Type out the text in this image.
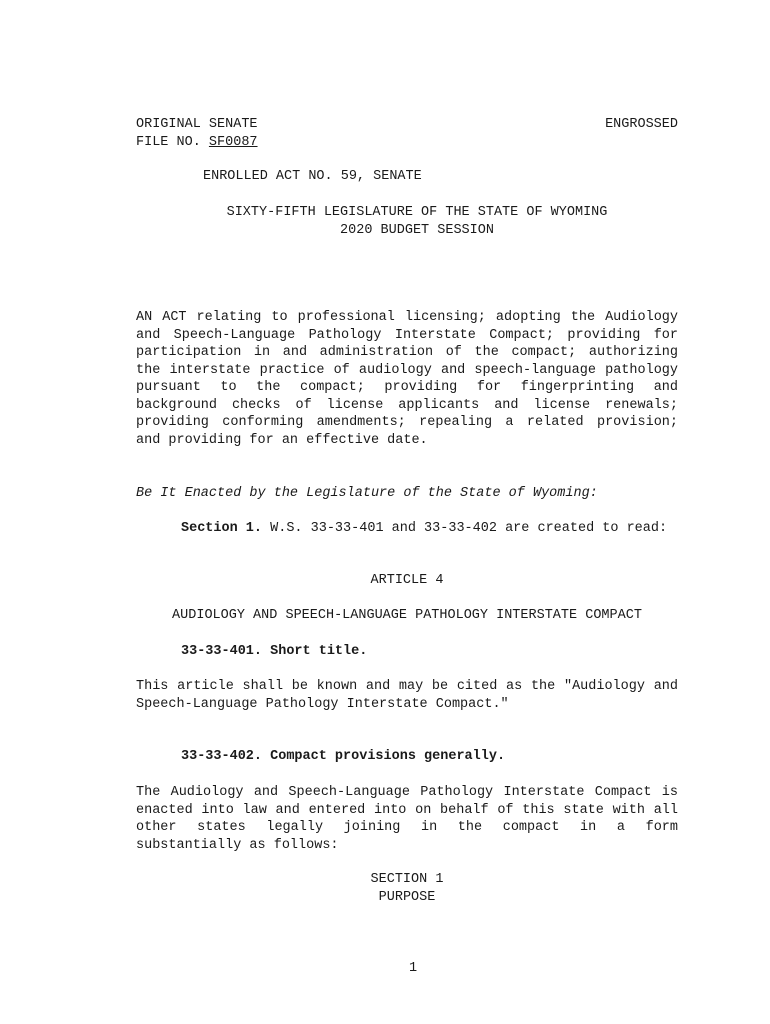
ORIGINAL SENATE
FILE NO. SF0087
ENGROSSED
ENROLLED ACT NO. 59, SENATE
SIXTY-FIFTH LEGISLATURE OF THE STATE OF WYOMING
2020 BUDGET SESSION
AN ACT relating to professional licensing; adopting the Audiology and Speech-Language Pathology Interstate Compact; providing for participation in and administration of the compact; authorizing the interstate practice of audiology and speech-language pathology pursuant to the compact; providing for fingerprinting and background checks of license applicants and license renewals; providing conforming amendments; repealing a related provision; and providing for an effective date.
Be It Enacted by the Legislature of the State of Wyoming:
Section 1. W.S. 33-33-401 and 33-33-402 are created to read:
ARTICLE 4
AUDIOLOGY AND SPEECH-LANGUAGE PATHOLOGY INTERSTATE COMPACT
33-33-401. Short title.
This article shall be known and may be cited as the "Audiology and Speech-Language Pathology Interstate Compact."
33-33-402. Compact provisions generally.
The Audiology and Speech-Language Pathology Interstate Compact is enacted into law and entered into on behalf of this state with all other states legally joining in the compact in a form substantially as follows:
SECTION 1
PURPOSE
1
